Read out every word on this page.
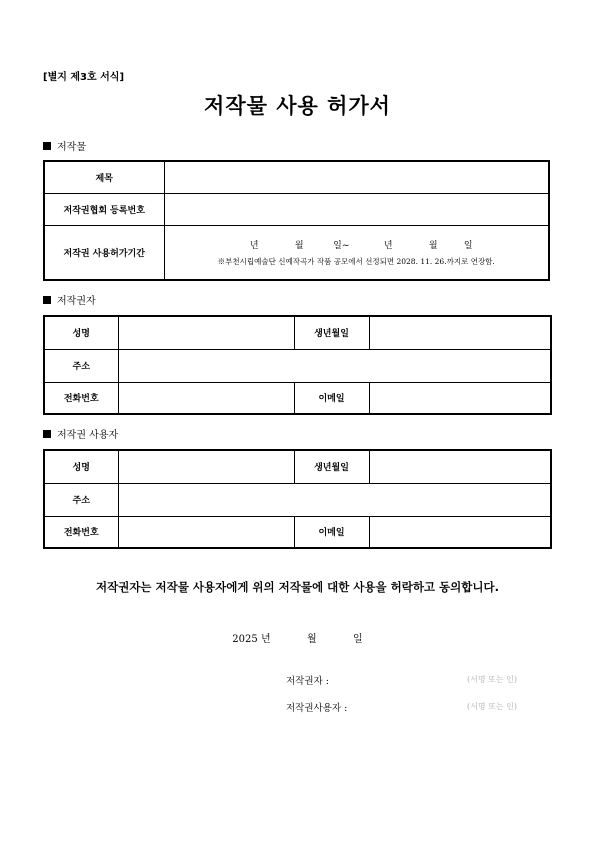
[별지 제3호 서식]
저작물 사용 허가서
저작물
제목	
저작권협회 등록번호	
저작권 사용허가기간	년 월 일~ 년 월 일
※부천시립예술단 신예작곡가 작품 공모에서 선정되면 2028. 11. 26.까지로 연장함.
저작권자
성명		생년월일	
주소			
전화번호		이메일	
저작권 사용자
성명		생년월일	
주소			
전화번호		이메일	
저작권자는 저작물 사용자에게 위의 저작물에 대한 사용을 허락하고 동의합니다.
2025 년	월	일
저작권자 :	(서명 또는 인)
저작권사용자 :	(서명 또는 인)
